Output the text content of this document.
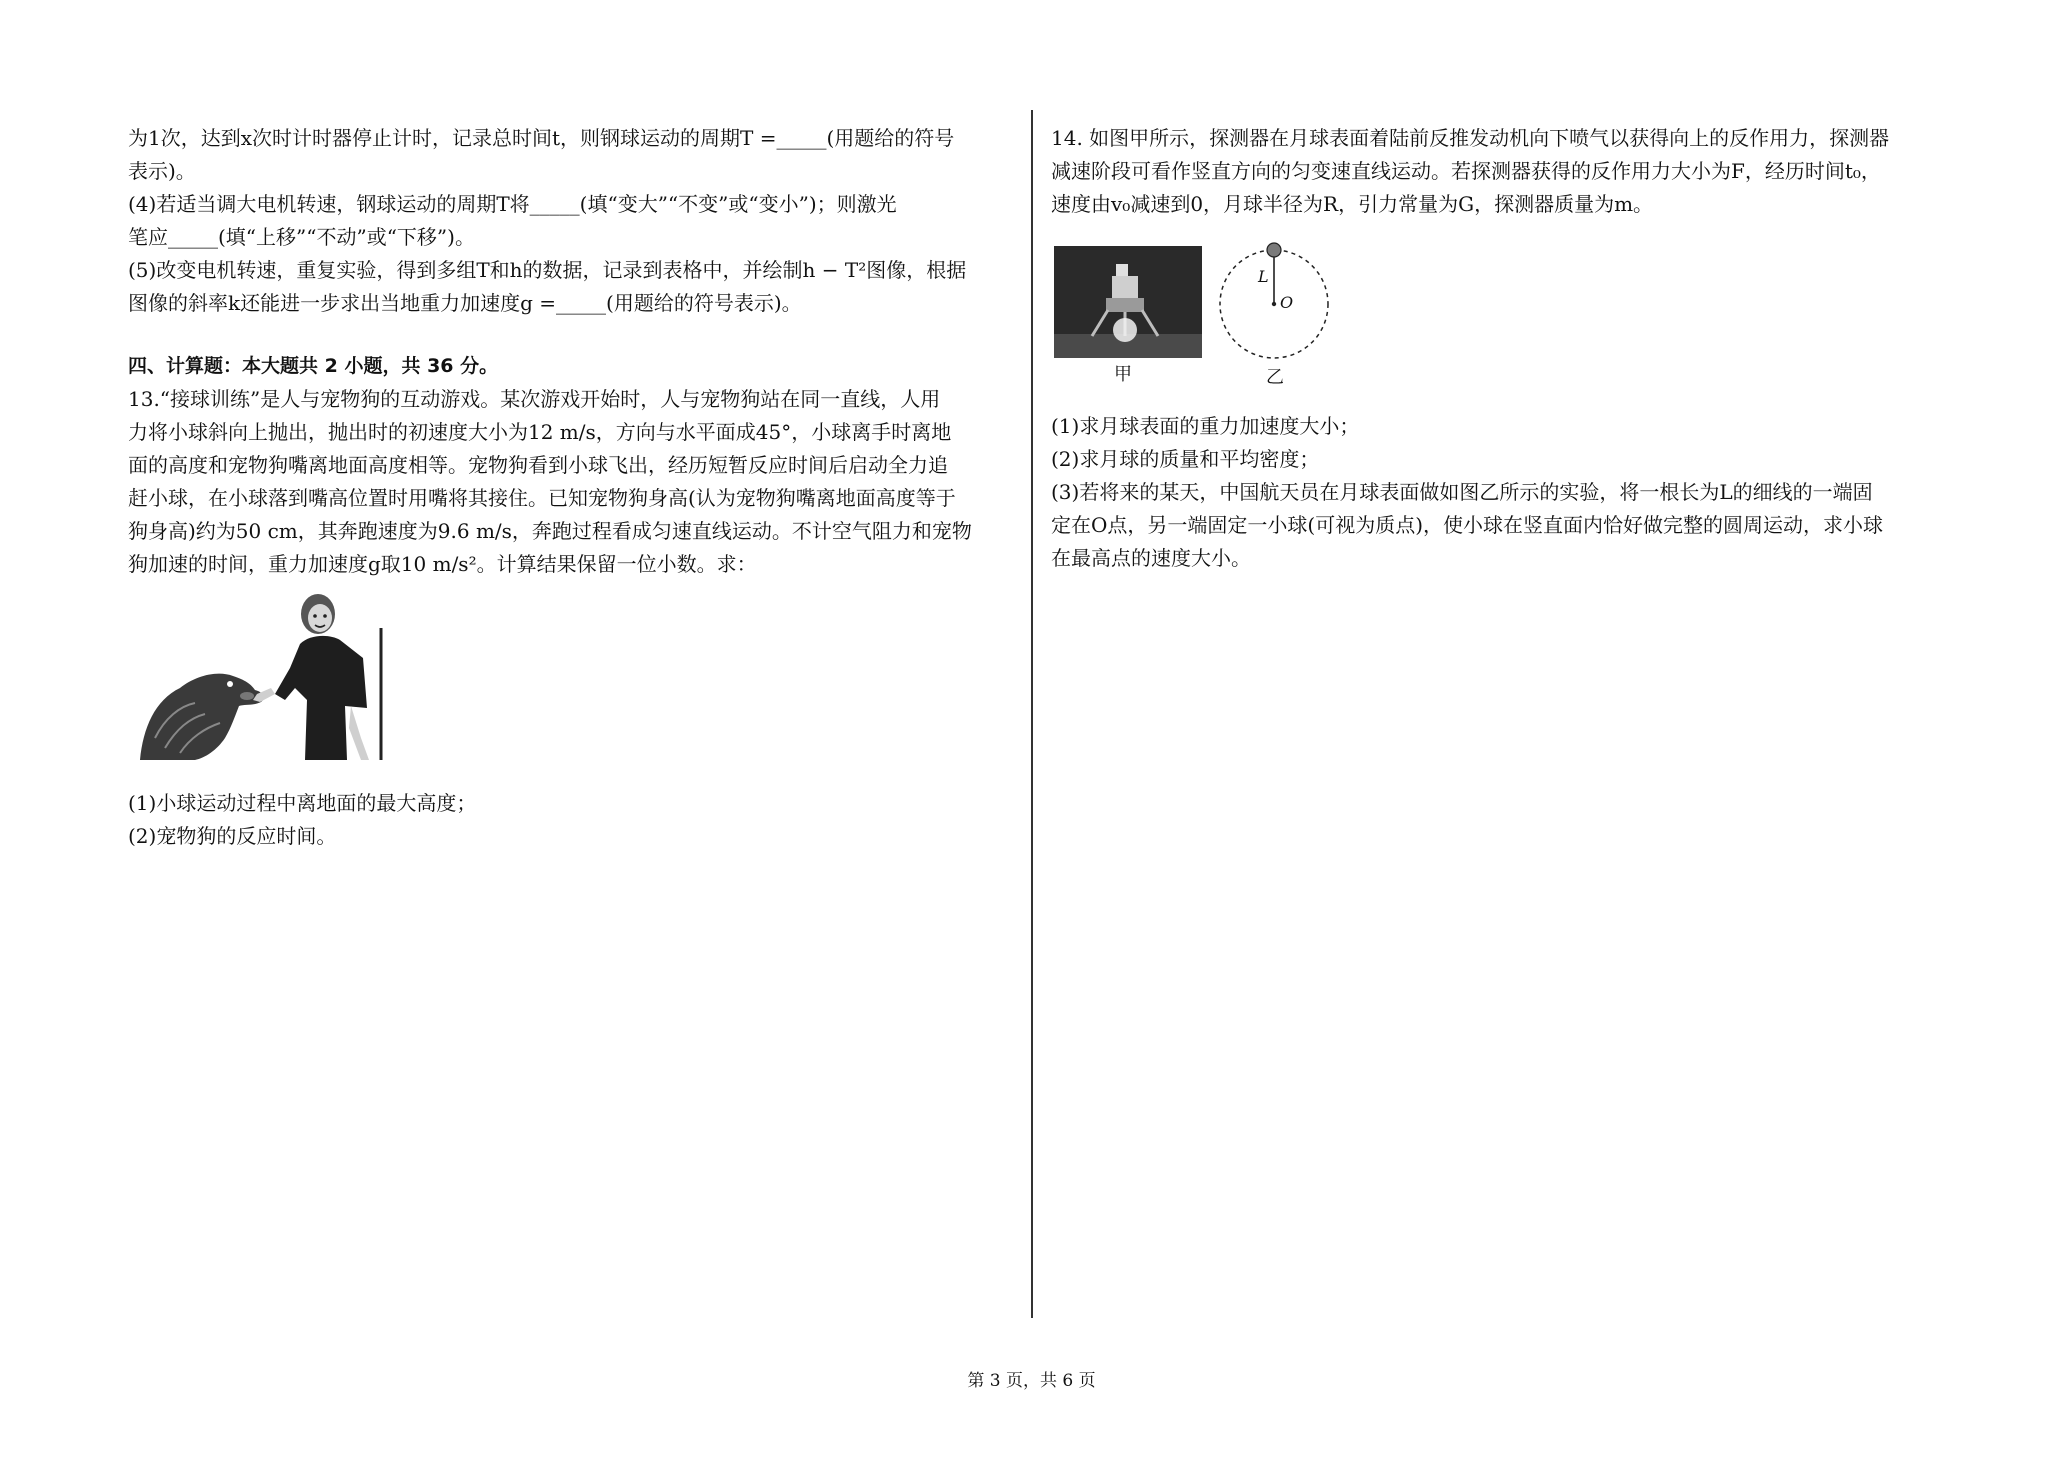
为1次，达到x次时计时器停止计时，记录总时间t，则钢球运动的周期T =_____(用题给的符号

表示)。

(4)若适当调大电机转速，钢球运动的周期T将_____(填“变大”“不变”或“变小”)；则激光

笔应_____(填“上移”“不动”或“下移”)。

(5)改变电机转速，重复实验，得到多组T和h的数据，记录到表格中，并绘制h − T²图像，根据

图像的斜率k还能进一步求出当地重力加速度g =_____(用题给的符号表示)。

四、计算题：本大题共 2 小题，共 36 分。

13.“接球训练”是人与宠物狗的互动游戏。某次游戏开始时，人与宠物狗站在同一直线，人用

力将小球斜向上抛出，抛出时的初速度大小为12 m/s，方向与水平面成45°，小球离手时离地

面的高度和宠物狗嘴离地面高度相等。宠物狗看到小球飞出，经历短暂反应时间后启动全力追

赶小球，在小球落到嘴高位置时用嘴将其接住。已知宠物狗身高(认为宠物狗嘴离地面高度等于

狗身高)约为50 cm，其奔跑速度为9.6 m/s，奔跑过程看成匀速直线运动。不计空气阻力和宠物

狗加速的时间，重力加速度g取10 m/s²。计算结果保留一位小数。求：

(1)小球运动过程中离地面的最大高度；

(2)宠物狗的反应时间。

14. 如图甲所示，探测器在月球表面着陆前反推发动机向下喷气以获得向上的反作用力，探测器

减速阶段可看作竖直方向的匀变速直线运动。若探测器获得的反作用力大小为F，经历时间t₀，

速度由v₀减速到0，月球半径为R，引力常量为G，探测器质量为m。

甲
L
O
乙

(1)求月球表面的重力加速度大小；

(2)求月球的质量和平均密度；

(3)若将来的某天，中国航天员在月球表面做如图乙所示的实验，将一根长为L的细线的一端固

定在O点，另一端固定一小球(可视为质点)，使小球在竖直面内恰好做完整的圆周运动，求小球

在最高点的速度大小。

第 3 页，共 6 页
